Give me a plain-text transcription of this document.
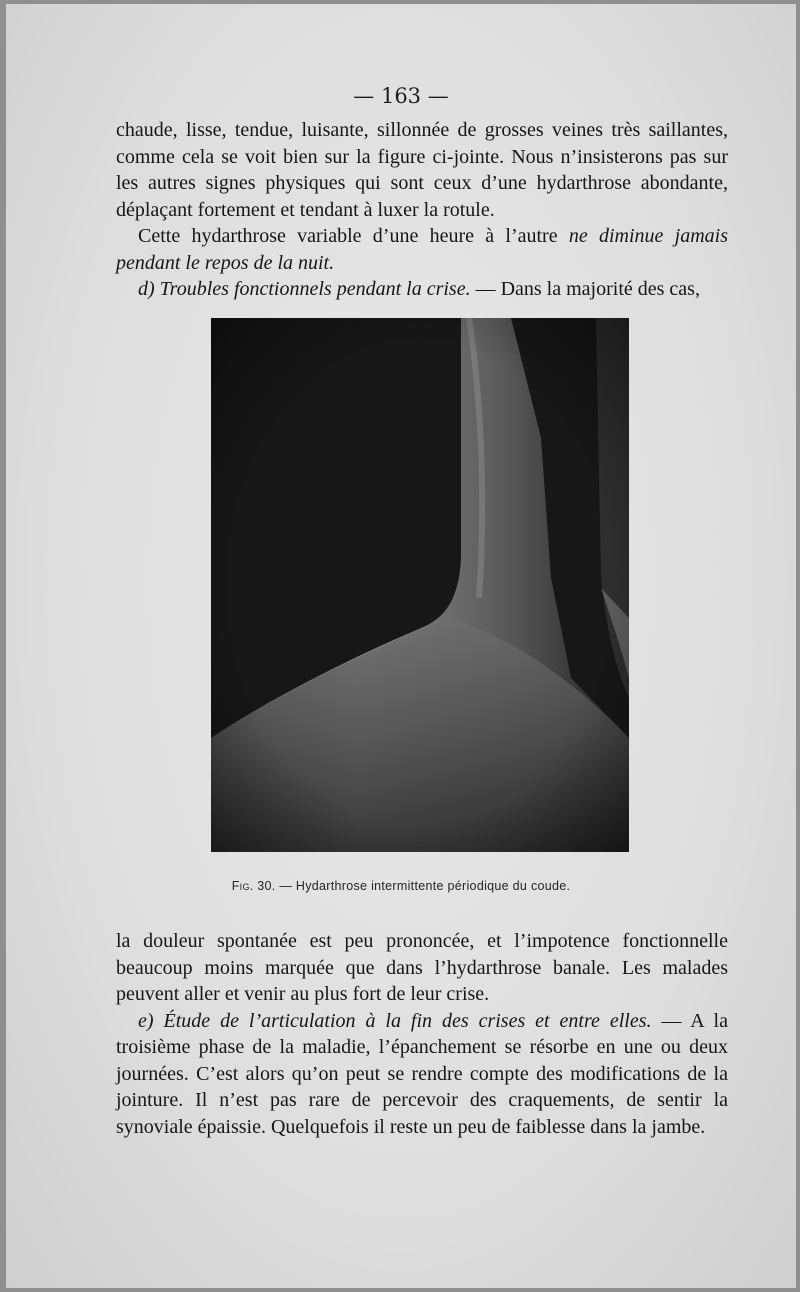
— 163 —

chaude, lisse, tendue, luisante, sillonnée de grosses veines très saillantes, comme cela se voit bien sur la figure ci-jointe. Nous n’insisterons pas sur les autres signes physiques qui sont ceux d’une hydarthrose abondante, déplaçant fortement et tendant à luxer la rotule.

Cette hydarthrose variable d’une heure à l’autre ne diminue jamais pendant le repos de la nuit.

d) Troubles fonctionnels pendant la crise. — Dans la majorité des cas,

Fig. 30. — Hydarthrose intermittente périodique du coude.

la douleur spontanée est peu prononcée, et l’impotence fonctionnelle beaucoup moins marquée que dans l’hydarthrose banale. Les malades peuvent aller et venir au plus fort de leur crise.

e) Étude de l’articulation à la fin des crises et entre elles. — A la troisième phase de la maladie, l’épanchement se résorbe en une ou deux journées. C’est alors qu’on peut se rendre compte des modifications de la jointure. Il n’est pas rare de percevoir des craquements, de sentir la synoviale épaissie. Quelquefois il reste un peu de faiblesse dans la jambe.
